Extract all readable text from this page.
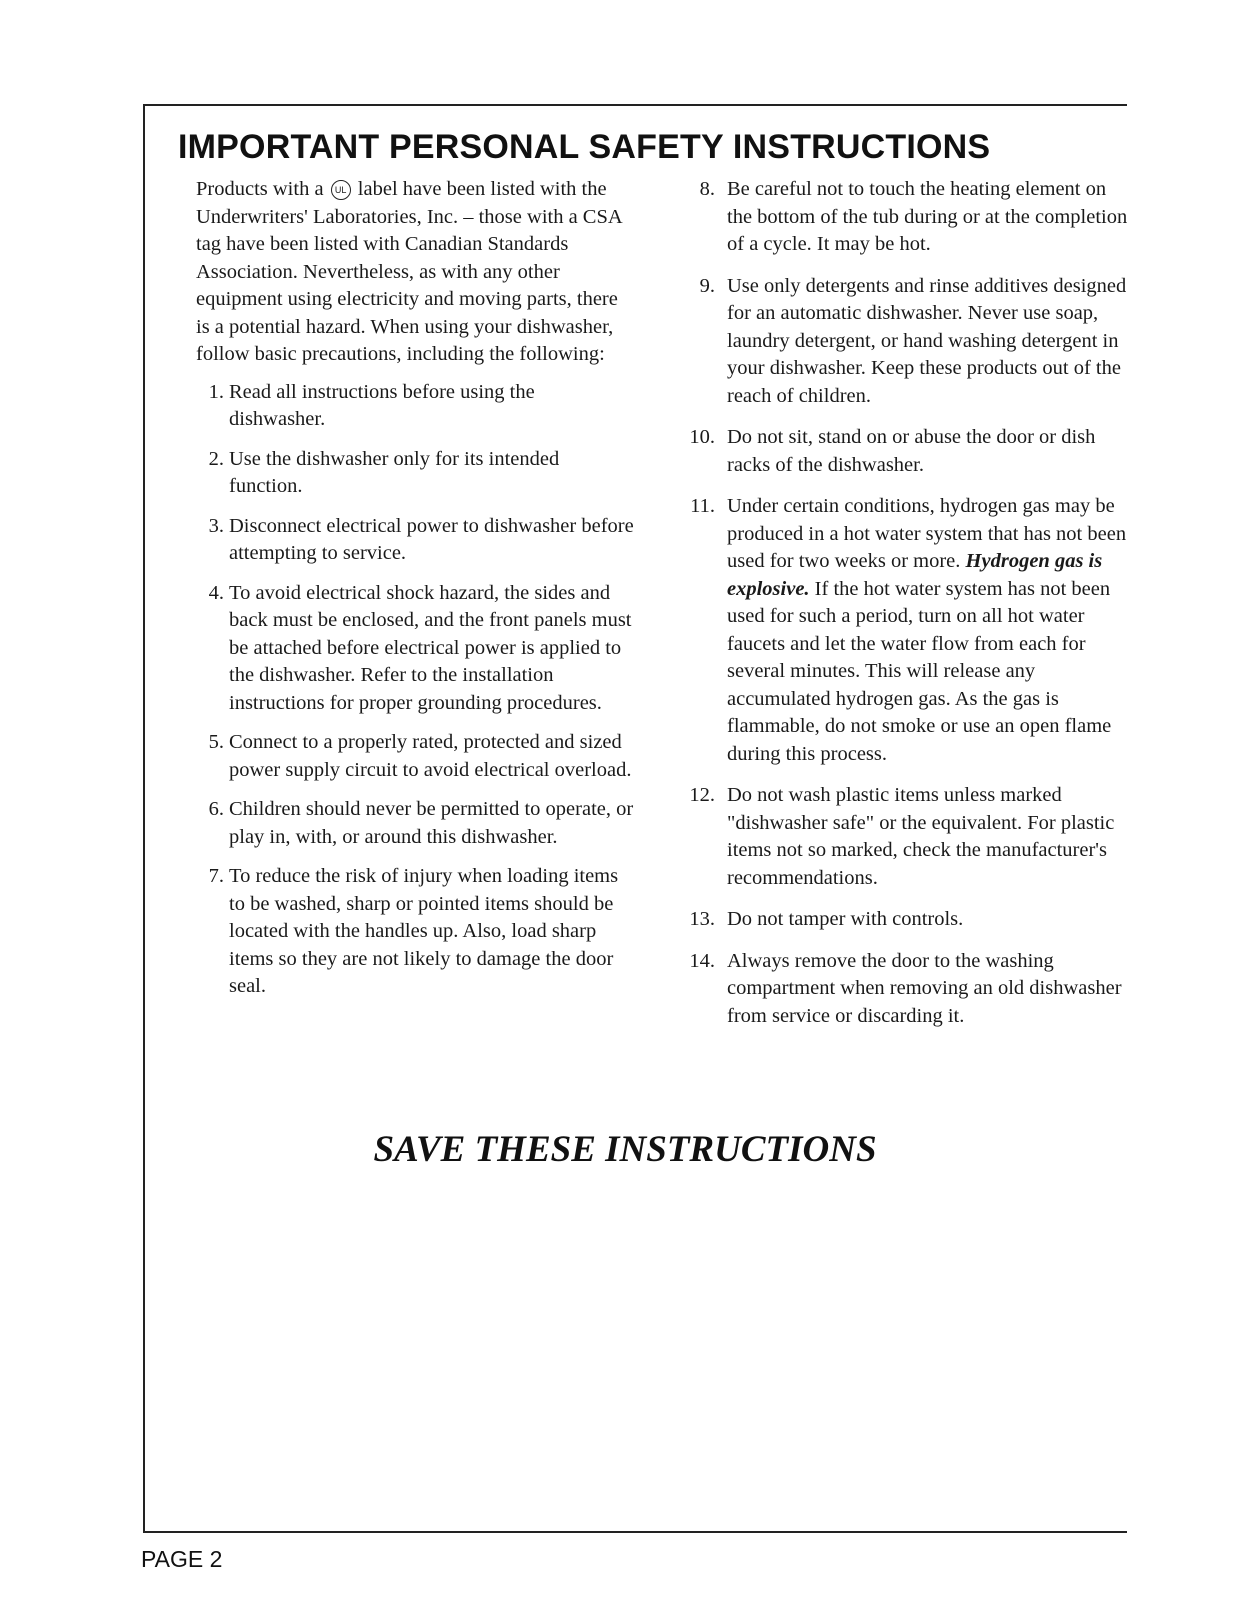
IMPORTANT PERSONAL SAFETY INSTRUCTIONS

Products with a UL label have been listed with the Underwriters' Laboratories, Inc. – those with a CSA tag have been listed with Canadian Standards Association. Nevertheless, as with any other equipment using electricity and moving parts, there is a potential hazard. When using your dishwasher, follow basic precautions, including the following:

1. Read all instructions before using the dishwasher.
2. Use the dishwasher only for its intended function.
3. Disconnect electrical power to dishwasher before attempting to service.
4. To avoid electrical shock hazard, the sides and back must be enclosed, and the front panels must be attached before electrical power is applied to the dishwasher. Refer to the installation instructions for proper grounding procedures.
5. Connect to a properly rated, protected and sized power supply circuit to avoid electrical overload.
6. Children should never be permitted to operate, or play in, with, or around this dishwasher.
7. To reduce the risk of injury when loading items to be washed, sharp or pointed items should be located with the handles up. Also, load sharp items so they are not likely to damage the door seal.
8. Be careful not to touch the heating element on the bottom of the tub during or at the completion of a cycle. It may be hot.
9. Use only detergents and rinse additives designed for an automatic dishwasher. Never use soap, laundry detergent, or hand washing detergent in your dishwasher. Keep these products out of the reach of children.
10. Do not sit, stand on or abuse the door or dish racks of the dishwasher.
11. Under certain conditions, hydrogen gas may be produced in a hot water system that has not been used for two weeks or more. Hydrogen gas is explosive. If the hot water system has not been used for such a period, turn on all hot water faucets and let the water flow from each for several minutes. This will release any accumulated hydrogen gas. As the gas is flammable, do not smoke or use an open flame during this process.
12. Do not wash plastic items unless marked "dishwasher safe" or the equivalent. For plastic items not so marked, check the manufacturer's recommendations.
13. Do not tamper with controls.
14. Always remove the door to the washing compartment when removing an old dishwasher from service or discarding it.
SAVE THESE INSTRUCTIONS

PAGE 2
